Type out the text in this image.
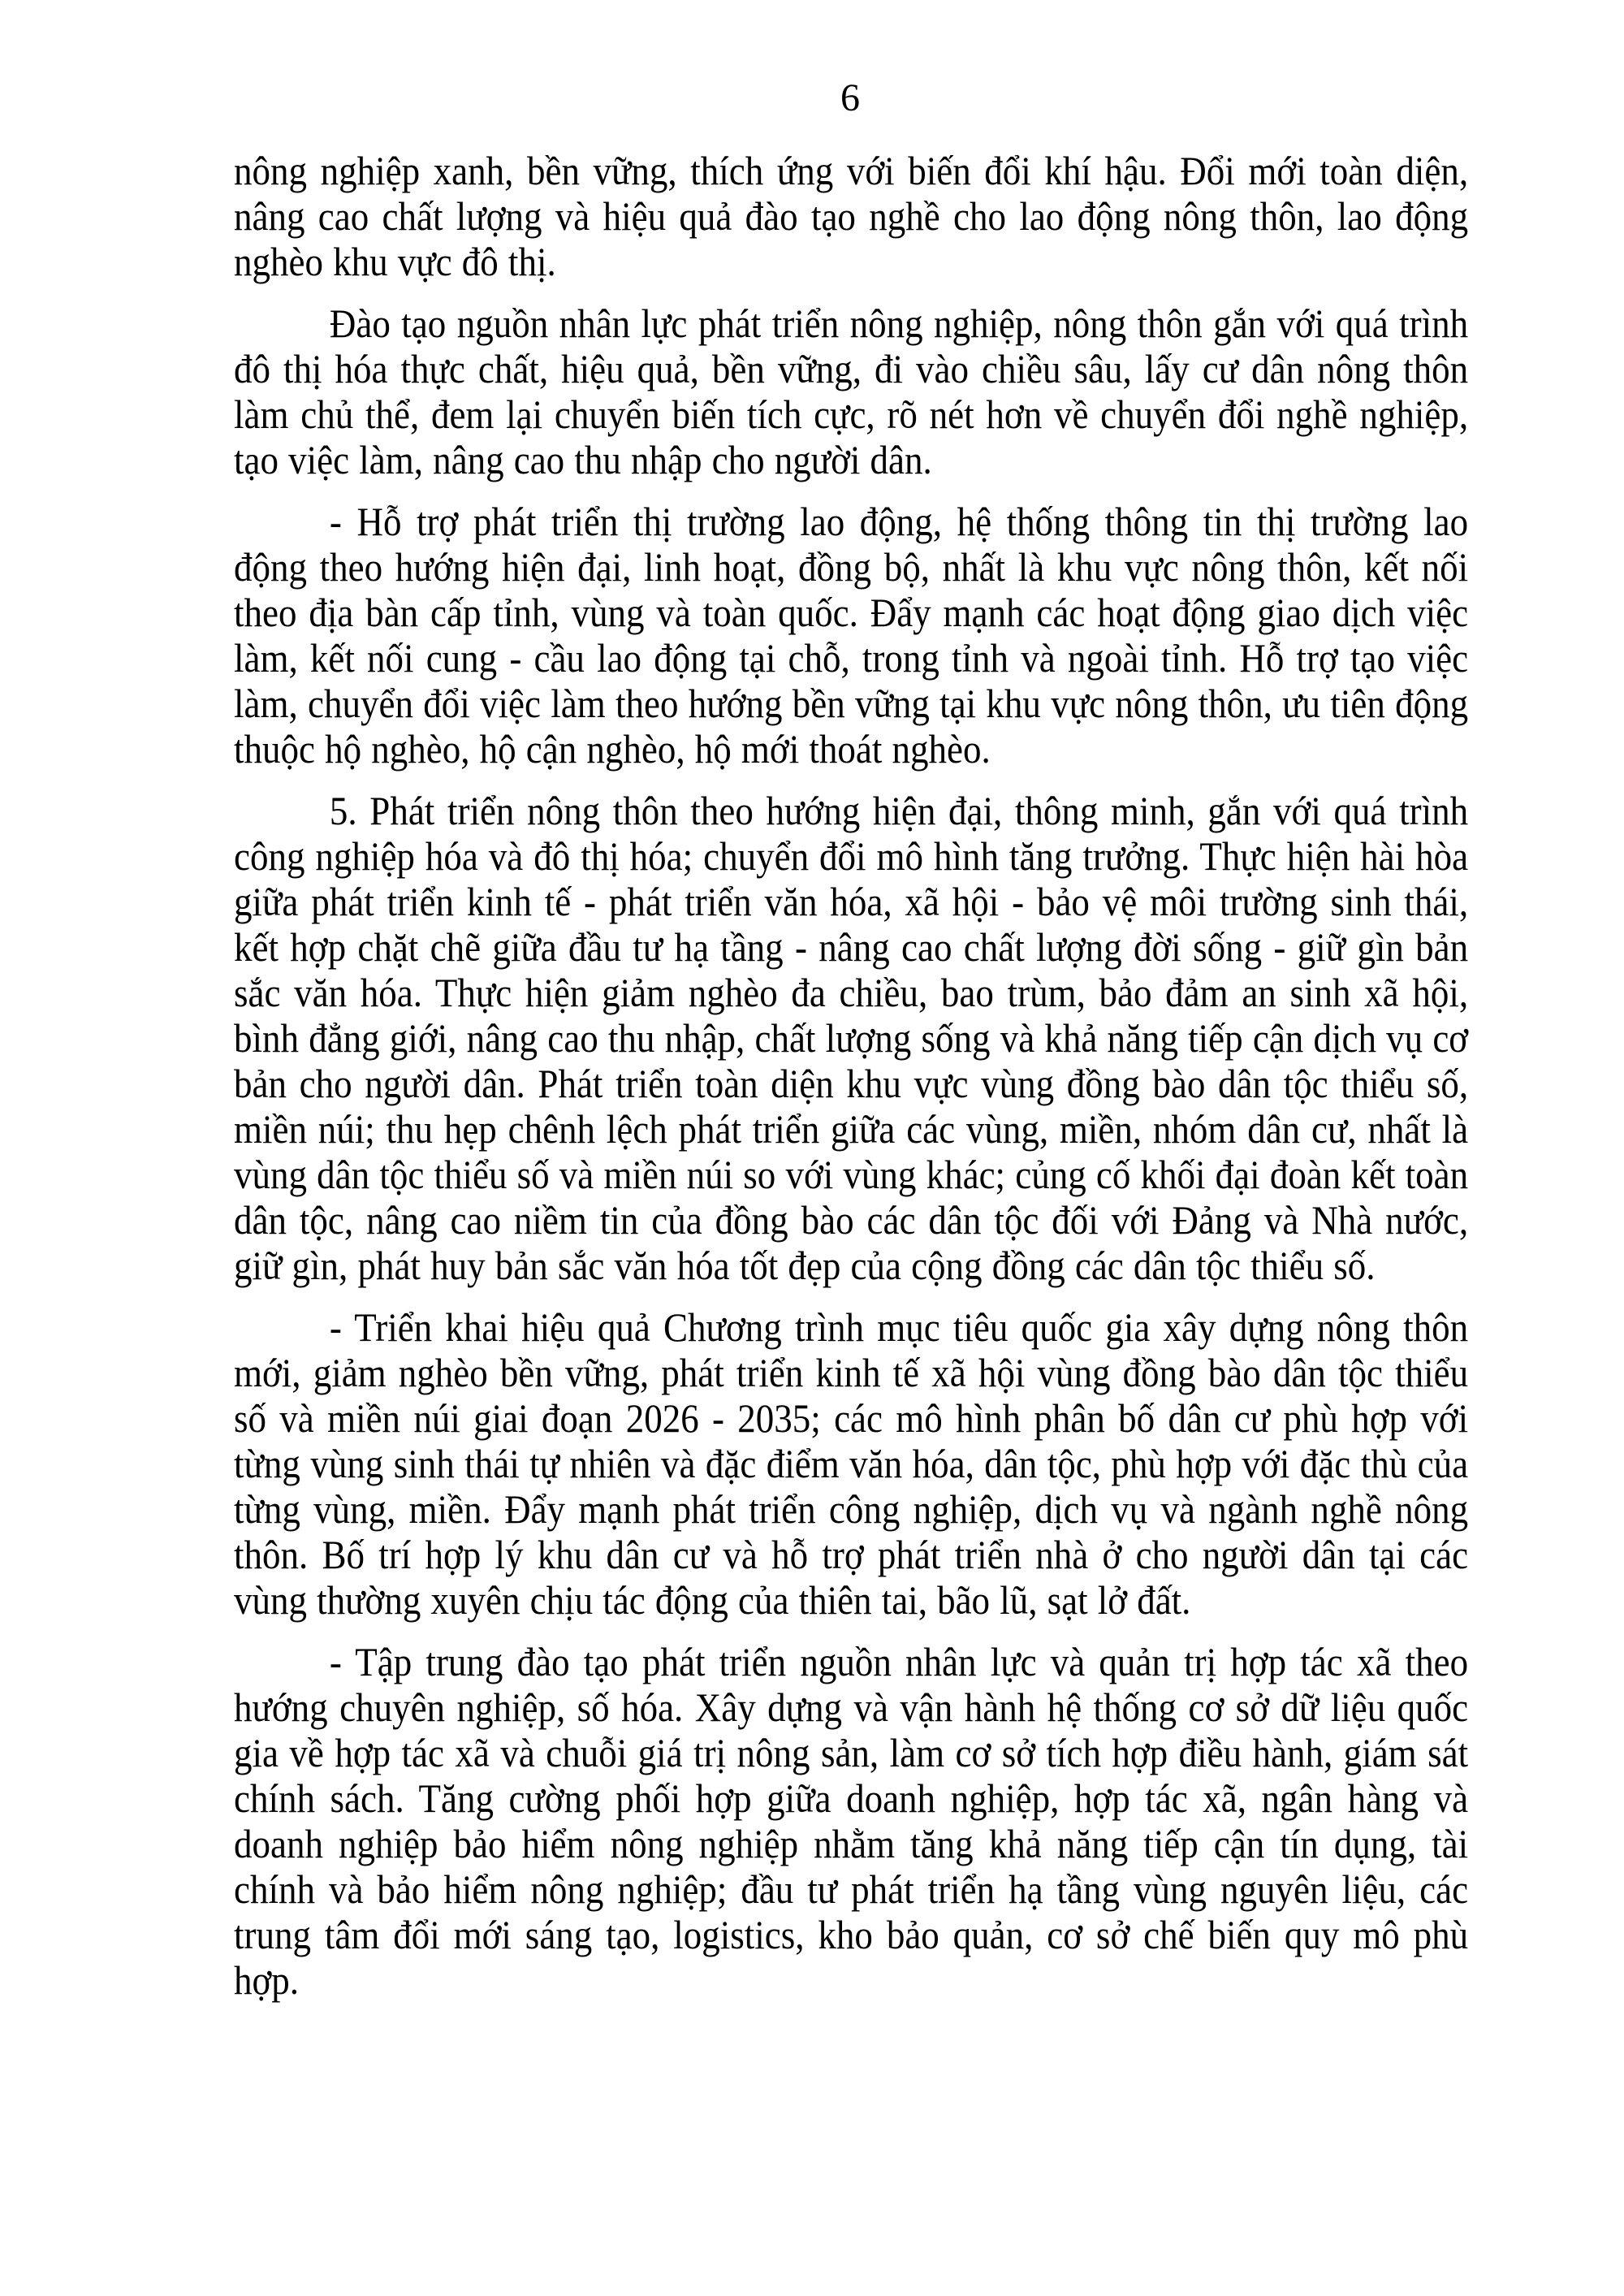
6

nông nghiệp xanh, bền vững, thích ứng với biến đổi khí hậu. Đổi mới toàn diện, nâng cao chất lượng và hiệu quả đào tạo nghề cho lao động nông thôn, lao động nghèo khu vực đô thị.

Đào tạo nguồn nhân lực phát triển nông nghiệp, nông thôn gắn với quá trình đô thị hóa thực chất, hiệu quả, bền vững, đi vào chiều sâu, lấy cư dân nông thôn làm chủ thể, đem lại chuyển biến tích cực, rõ nét hơn về chuyển đổi nghề nghiệp, tạo việc làm, nâng cao thu nhập cho người dân.

- Hỗ trợ phát triển thị trường lao động, hệ thống thông tin thị trường lao động theo hướng hiện đại, linh hoạt, đồng bộ, nhất là khu vực nông thôn, kết nối theo địa bàn cấp tỉnh, vùng và toàn quốc. Đẩy mạnh các hoạt động giao dịch việc làm, kết nối cung - cầu lao động tại chỗ, trong tỉnh và ngoài tỉnh. Hỗ trợ tạo việc làm, chuyển đổi việc làm theo hướng bền vững tại khu vực nông thôn, ưu tiên động thuộc hộ nghèo, hộ cận nghèo, hộ mới thoát nghèo.

5. Phát triển nông thôn theo hướng hiện đại, thông minh, gắn với quá trình công nghiệp hóa và đô thị hóa; chuyển đổi mô hình tăng trưởng. Thực hiện hài hòa giữa phát triển kinh tế - phát triển văn hóa, xã hội - bảo vệ môi trường sinh thái, kết hợp chặt chẽ giữa đầu tư hạ tầng - nâng cao chất lượng đời sống - giữ gìn bản sắc văn hóa. Thực hiện giảm nghèo đa chiều, bao trùm, bảo đảm an sinh xã hội, bình đẳng giới, nâng cao thu nhập, chất lượng sống và khả năng tiếp cận dịch vụ cơ bản cho người dân. Phát triển toàn diện khu vực vùng đồng bào dân tộc thiểu số, miền núi; thu hẹp chênh lệch phát triển giữa các vùng, miền, nhóm dân cư, nhất là vùng dân tộc thiểu số và miền núi so với vùng khác; củng cố khối đại đoàn kết toàn dân tộc, nâng cao niềm tin của đồng bào các dân tộc đối với Đảng và Nhà nước, giữ gìn, phát huy bản sắc văn hóa tốt đẹp của cộng đồng các dân tộc thiểu số.

- Triển khai hiệu quả Chương trình mục tiêu quốc gia xây dựng nông thôn mới, giảm nghèo bền vững, phát triển kinh tế xã hội vùng đồng bào dân tộc thiểu số và miền núi giai đoạn 2026 - 2035; các mô hình phân bố dân cư phù hợp với từng vùng sinh thái tự nhiên và đặc điểm văn hóa, dân tộc, phù hợp với đặc thù của từng vùng, miền. Đẩy mạnh phát triển công nghiệp, dịch vụ và ngành nghề nông thôn. Bố trí hợp lý khu dân cư và hỗ trợ phát triển nhà ở cho người dân tại các vùng thường xuyên chịu tác động của thiên tai, bão lũ, sạt lở đất.

- Tập trung đào tạo phát triển nguồn nhân lực và quản trị hợp tác xã theo hướng chuyên nghiệp, số hóa. Xây dựng và vận hành hệ thống cơ sở dữ liệu quốc gia về hợp tác xã và chuỗi giá trị nông sản, làm cơ sở tích hợp điều hành, giám sát chính sách. Tăng cường phối hợp giữa doanh nghiệp, hợp tác xã, ngân hàng và doanh nghiệp bảo hiểm nông nghiệp nhằm tăng khả năng tiếp cận tín dụng, tài chính và bảo hiểm nông nghiệp; đầu tư phát triển hạ tầng vùng nguyên liệu, các trung tâm đổi mới sáng tạo, logistics, kho bảo quản, cơ sở chế biến quy mô phù hợp.
